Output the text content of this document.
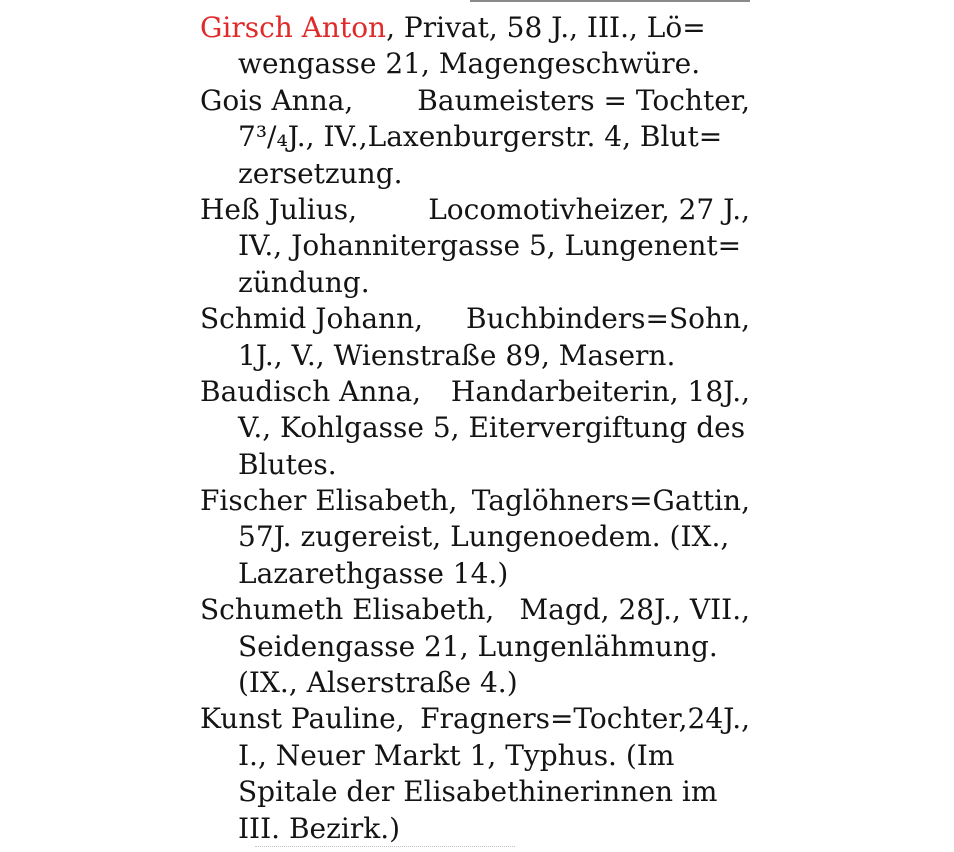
Girsch Anton, Privat, 58 J., III., Lö=
wengasse 21, Magengeschwüre.
Gois Anna, Baumeisters = Tochter,
7³/₄J., IV.,Laxenburgerstr. 4, Blut=
zersetzung.
Heß Julius,	Locomotivheizer, 27 J.,
IV., Johannitergasse 5, Lungenent=
zündung.
Schmid Johann, Buchbinders=Sohn,
1J., V., Wienstraße 89, Masern.
Baudisch Anna, Handarbeiterin, 18J.,
V., Kohlgasse 5, Eitervergiftung des
Blutes.
Fischer Elisabeth, Taglöhners=Gattin,
57J. zugereist, Lungenoedem. (IX.,
Lazarethgasse 14.)
Schumeth Elisabeth, Magd, 28J., VII.,
Seidengasse 21, Lungenlähmung.
(IX., Alserstraße 4.)
Kunst Pauline, Fragners=Tochter,24J.,
I., Neuer Markt 1, Typhus. (Im
Spitale der Elisabethinerinnen im
III. Bezirk.)
